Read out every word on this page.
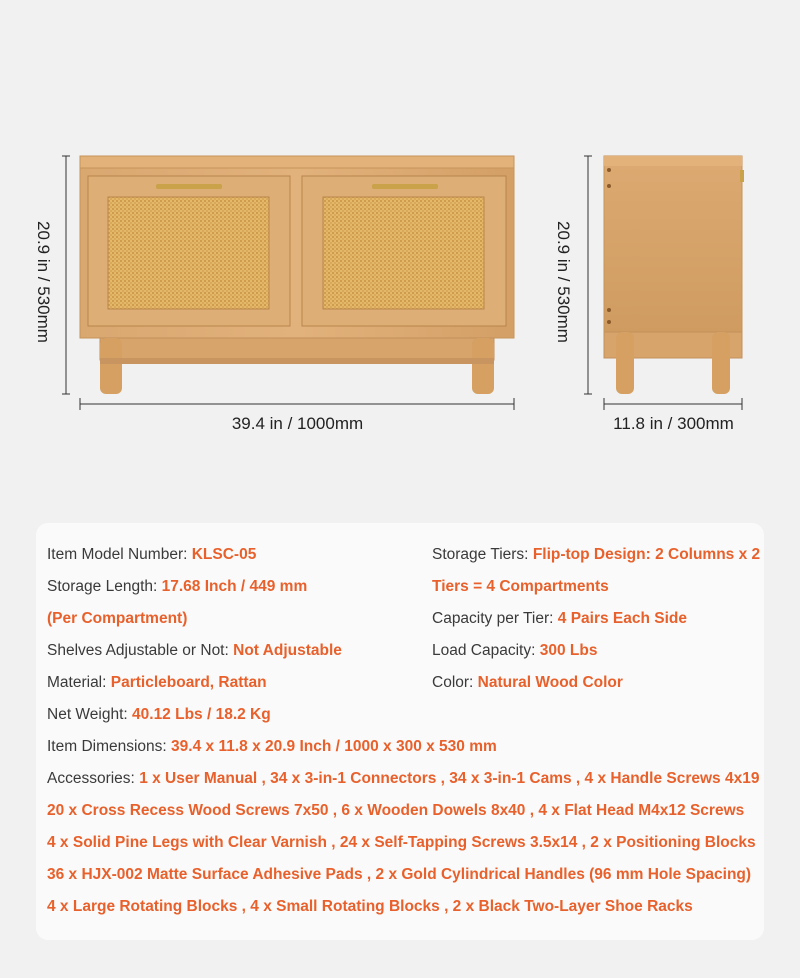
20.9 in / 530mm
39.4 in / 1000mm
20.9 in / 530mm
11.8 in / 300mm
Item Model Number: KLSC-05	Storage Tiers: Flip-top Design: 2 Columns x 2
Tiers = 4 Compartments
Storage Length: 17.68 Inch / 449 mm
(Per Compartment)	Capacity per Tier: 4 Pairs Each Side
Shelves Adjustable or Not: Not Adjustable	Load Capacity: 300 Lbs
Material: Particleboard, Rattan	Color: Natural Wood Color
Net Weight: 40.12 Lbs / 18.2 Kg
Item Dimensions: 39.4 x 11.8 x 20.9 Inch / 1000 x 300 x 530 mm
Accessories: 1 x User Manual , 34 x 3-in-1 Connectors , 34 x 3-in-1 Cams , 4 x Handle Screws 4x19
20 x Cross Recess Wood Screws 7x50 , 6 x Wooden Dowels 8x40 , 4 x Flat Head M4x12 Screws
4 x Solid Pine Legs with Clear Varnish , 24 x Self-Tapping Screws 3.5x14 , 2 x Positioning Blocks
36 x HJX-002 Matte Surface Adhesive Pads , 2 x Gold Cylindrical Handles (96 mm Hole Spacing)
4 x Large Rotating Blocks , 4 x Small Rotating Blocks , 2 x Black Two-Layer Shoe Racks
